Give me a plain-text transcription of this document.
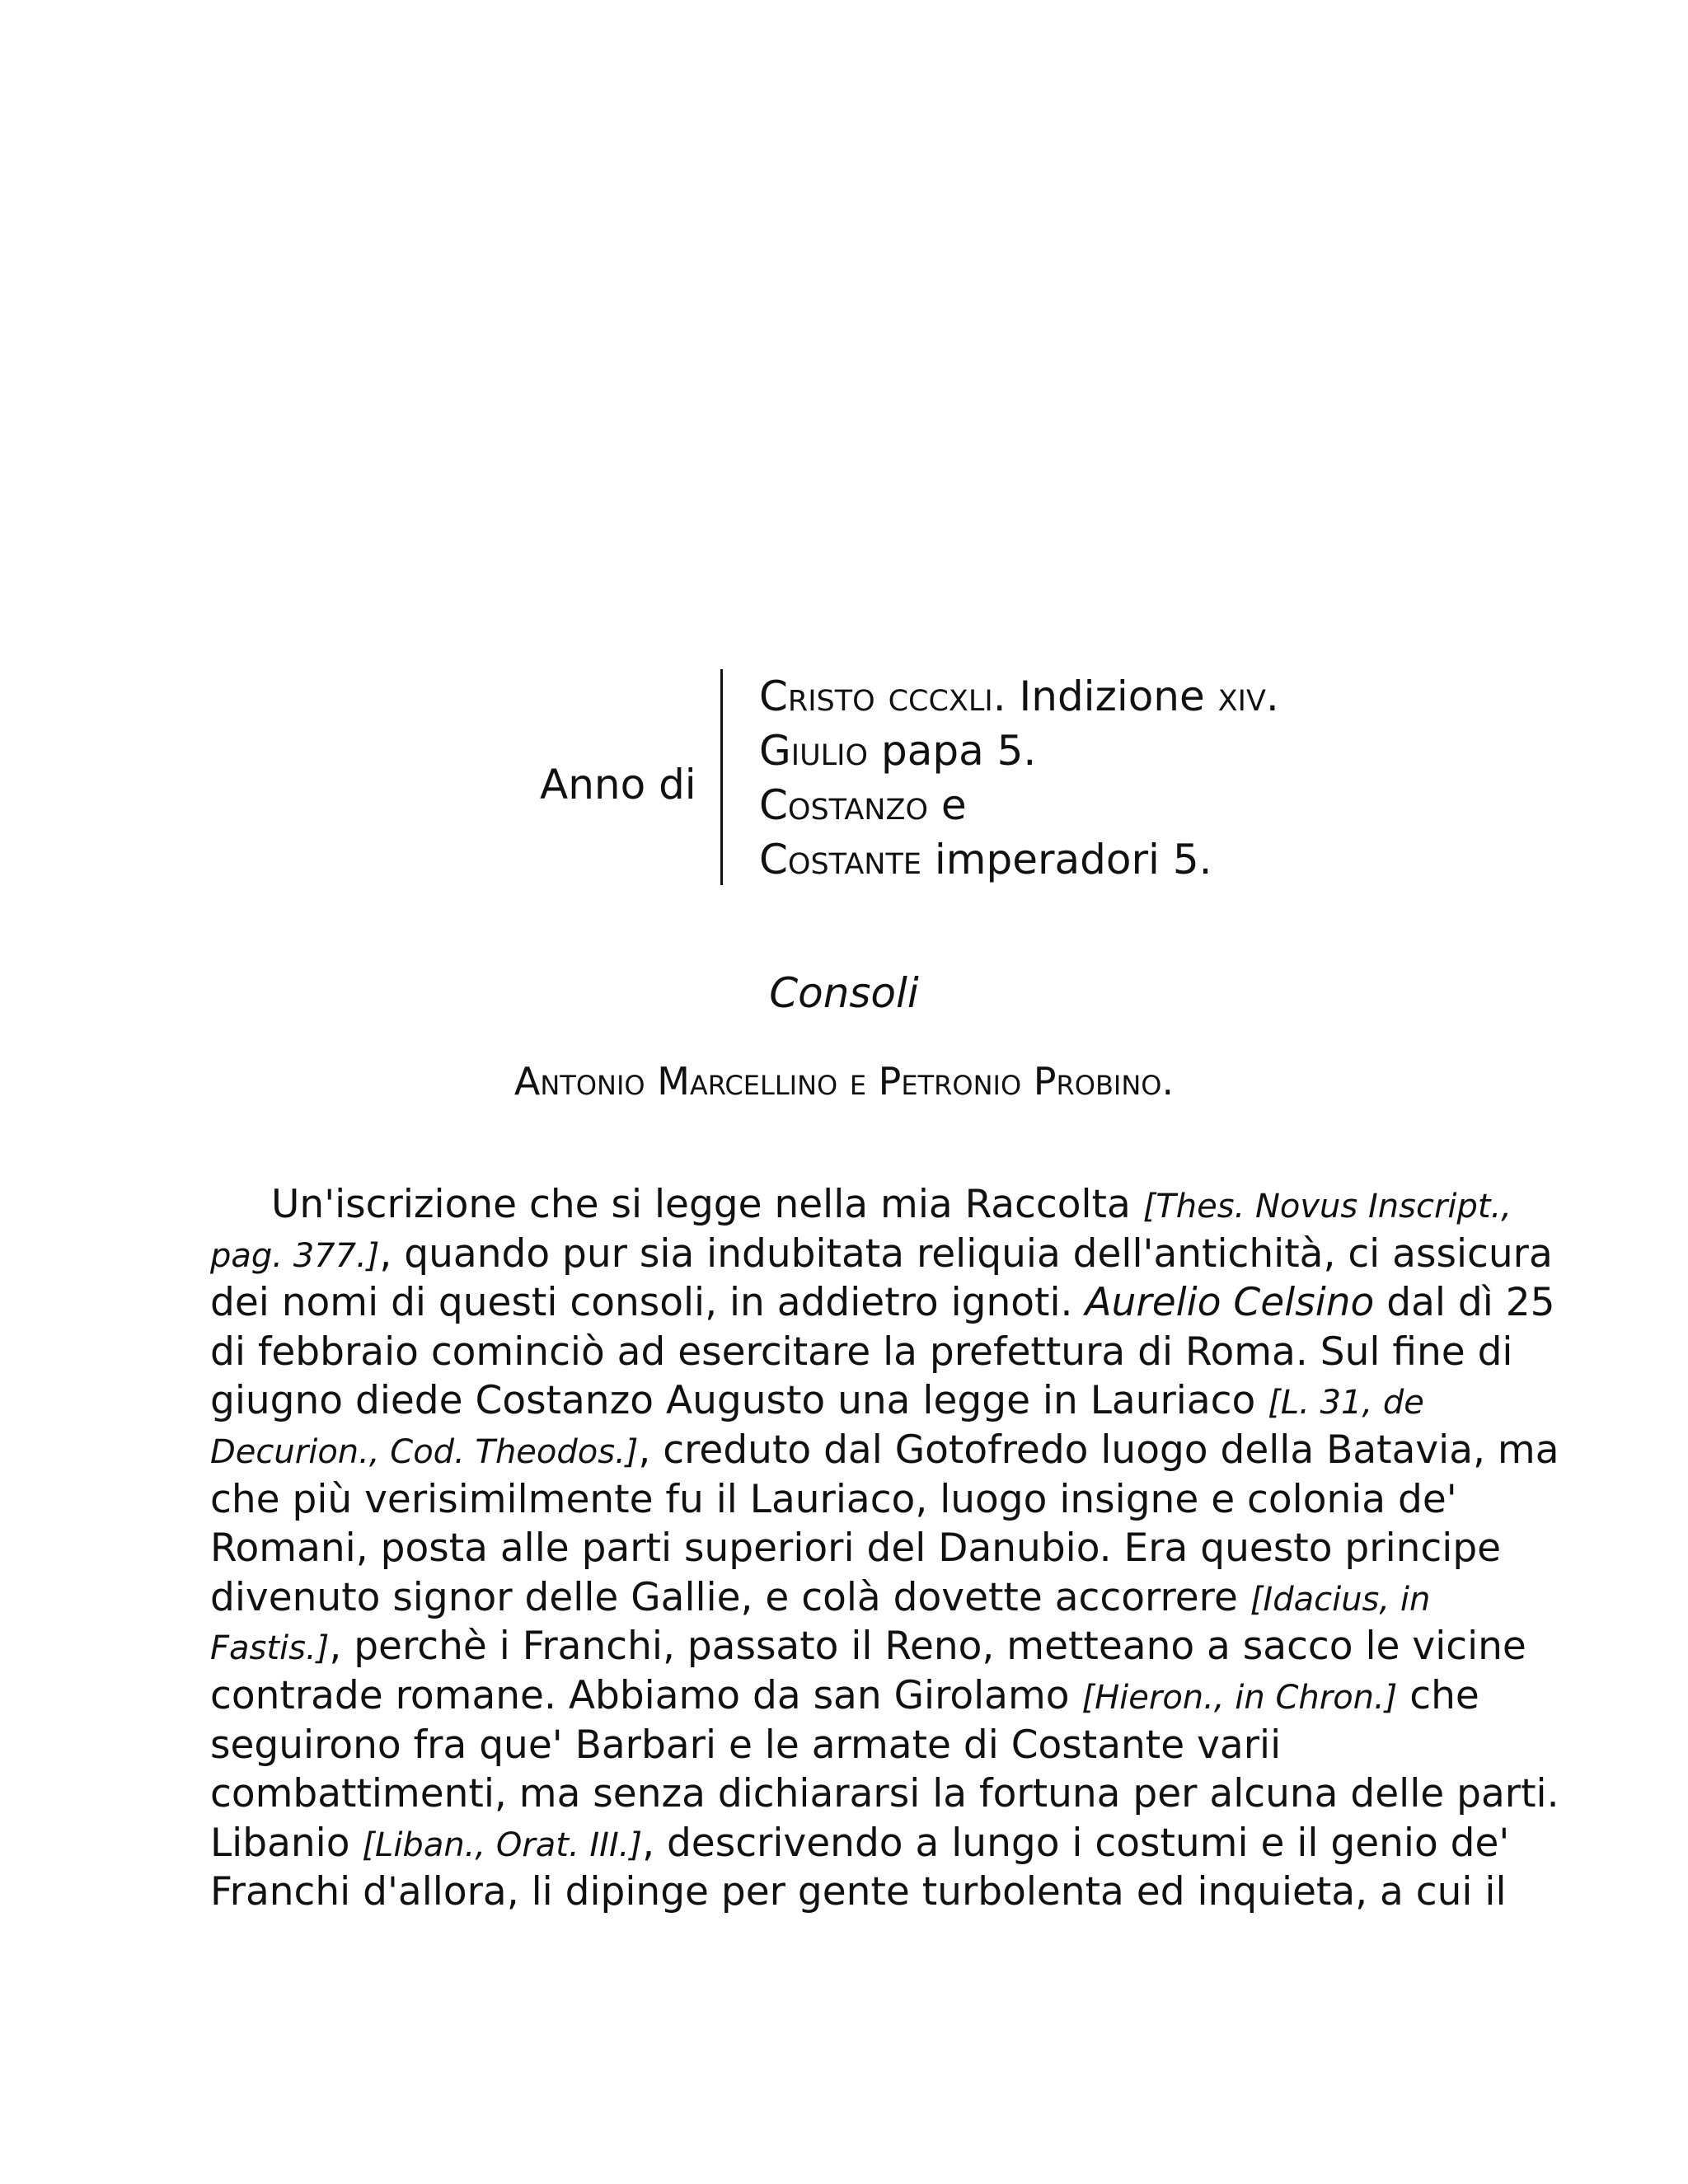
Anno di
Cristo cccxli. Indizione xiv.
Giulio papa 5.
Costanzo e
Costante imperadori 5.
Consoli
Antonio Marcellino e Petronio Probino.
Un'iscrizione che si legge nella mia Raccolta [Thes. Novus Inscript.,
pag. 377.], quando pur sia indubitata reliquia dell'antichità, ci assicura
dei nomi di questi consoli, in addietro ignoti. Aurelio Celsino dal dì 25
di febbraio cominciò ad esercitare la prefettura di Roma. Sul fine di
giugno diede Costanzo Augusto una legge in Lauriaco [L. 31, de
Decurion., Cod. Theodos.], creduto dal Gotofredo luogo della Batavia, ma
che più verisimilmente fu il Lauriaco, luogo insigne e colonia de'
Romani, posta alle parti superiori del Danubio. Era questo principe
divenuto signor delle Gallie, e colà dovette accorrere [Idacius, in
Fastis.], perchè i Franchi, passato il Reno, metteano a sacco le vicine
contrade romane. Abbiamo da san Girolamo [Hieron., in Chron.] che
seguirono fra que' Barbari e le armate di Costante varii
combattimenti, ma senza dichiararsi la fortuna per alcuna delle parti.
Libanio [Liban., Orat. III.], descrivendo a lungo i costumi e il genio de'
Franchi d'allora, li dipinge per gente turbolenta ed inquieta, a cui il
